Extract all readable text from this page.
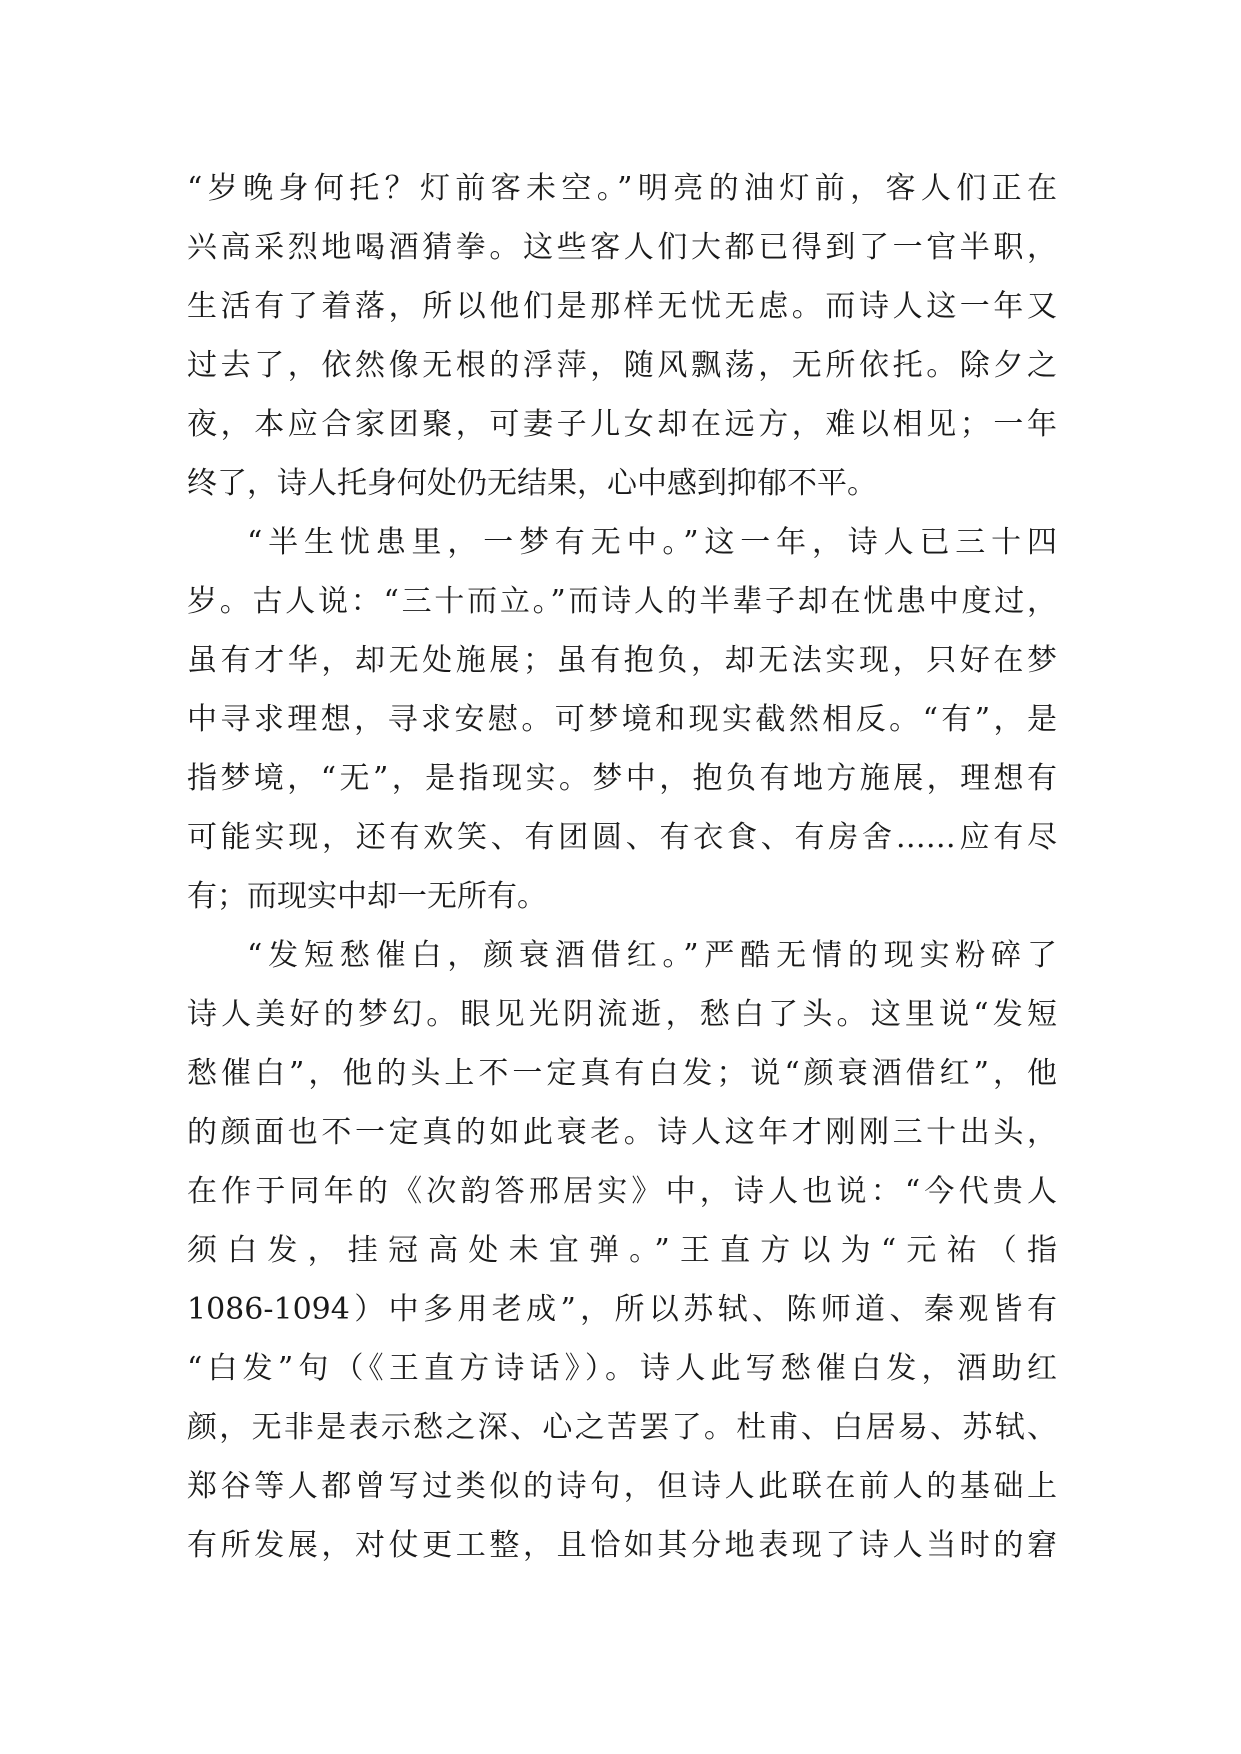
“岁晚身何托？灯前客未空。”明亮的油灯前，客人们正在
兴高采烈地喝酒猜拳。这些客人们大都已得到了一官半职，
生活有了着落，所以他们是那样无忧无虑。而诗人这一年又
过去了，依然像无根的浮萍，随风飘荡，无所依托。除夕之
夜，本应合家团聚，可妻子儿女却在远方，难以相见；一年
终了，诗人托身何处仍无结果，心中感到抑郁不平。
“半生忧患里，一梦有无中。”这一年，诗人已三十四
岁。古人说：“三十而立。”而诗人的半辈子却在忧患中度过，
虽有才华，却无处施展；虽有抱负，却无法实现，只好在梦
中寻求理想，寻求安慰。可梦境和现实截然相反。“有”，是
指梦境，“无”，是指现实。梦中，抱负有地方施展，理想有
可能实现，还有欢笑、有团圆、有衣食、有房舍……应有尽
有；而现实中却一无所有。
“发短愁催白，颜衰酒借红。”严酷无情的现实粉碎了
诗人美好的梦幻。眼见光阴流逝，愁白了头。这里说“发短
愁催白”，他的头上不一定真有白发；说“颜衰酒借红”，他
的颜面也不一定真的如此衰老。诗人这年才刚刚三十出头，
在作于同年的《次韵答邢居实》中，诗人也说：“今代贵人
须白发，挂冠高处未宜弹。”王直方以为“元祐（指
1086-1094）中多用老成”，所以苏轼、陈师道、秦观皆有
“白发”句（《王直方诗话》）。诗人此写愁催白发，酒助红
颜，无非是表示愁之深、心之苦罢了。杜甫、白居易、苏轼、
郑谷等人都曾写过类似的诗句，但诗人此联在前人的基础上
有所发展，对仗更工整，且恰如其分地表现了诗人当时的窘
